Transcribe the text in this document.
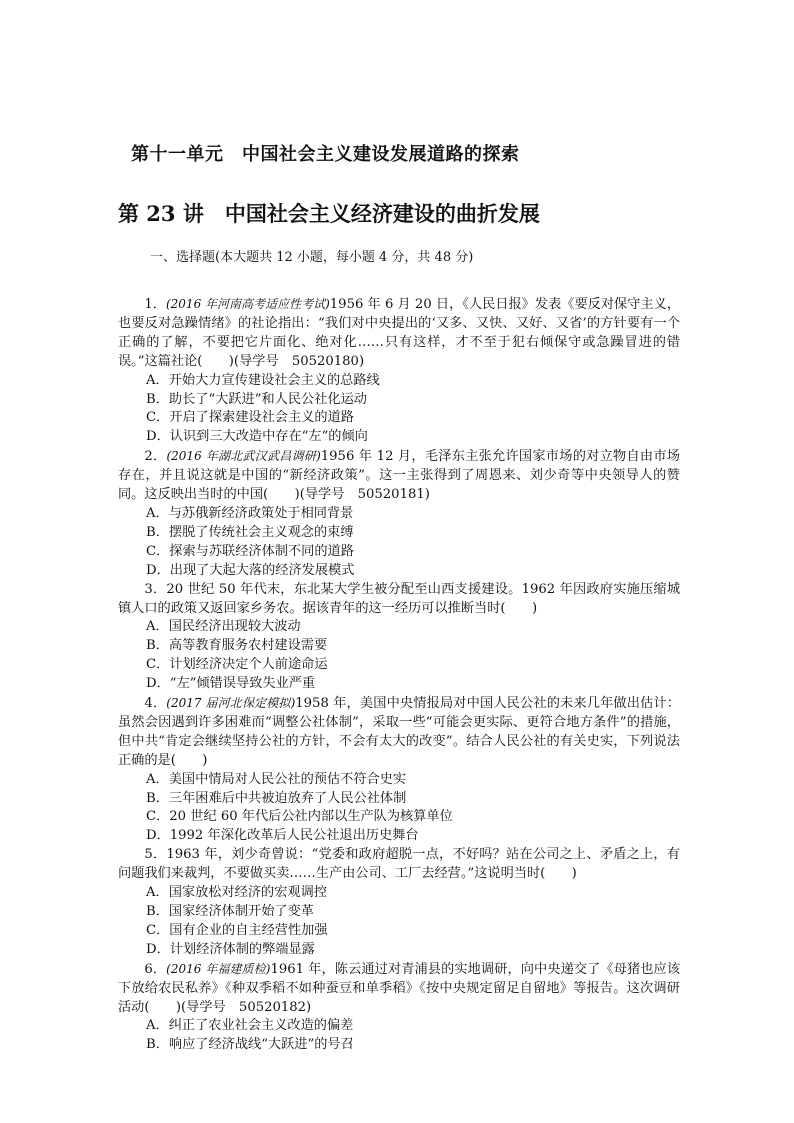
第十一单元　中国社会主义建设发展道路的探索
第 23 讲　中国社会主义经济建设的曲折发展
一、选择题(本大题共 12 小题，每小题 4 分，共 48 分)

1．(2016 年河南高考适应性考试)1956 年 6 月 20 日，《人民日报》发表《要反对保守主义，也要反对急躁情绪》的社论指出：“我们对中央提出的‘又多、又快、又好、又省’的方针要有一个正确的了解，不要把它片面化、绝对化……只有这样，才不至于犯右倾保守或急躁冒进的错误。”这篇社论(　　)(导学号　50520180)

A．开始大力宣传建设社会主义的总路线

B．助长了“大跃进”和人民公社化运动

C．开启了探索建设社会主义的道路

D．认识到三大改造中存在“左”的倾向

2．(2016 年湖北武汉武昌调研)1956 年 12 月，毛泽东主张允许国家市场的对立物自由市场存在，并且说这就是中国的“新经济政策”。这一主张得到了周恩来、刘少奇等中央领导人的赞同。这反映出当时的中国(　　)(导学号　50520181)

A．与苏俄新经济政策处于相同背景

B．摆脱了传统社会主义观念的束缚

C．探索与苏联经济体制不同的道路

D．出现了大起大落的经济发展模式

3．20 世纪 50 年代末，东北某大学生被分配至山西支援建设。1962 年因政府实施压缩城镇人口的政策又返回家乡务农。据该青年的这一经历可以推断当时(　　)

A．国民经济出现较大波动

B．高等教育服务农村建设需要

C．计划经济决定个人前途命运

D．“左”倾错误导致失业严重

4．(2017 届河北保定模拟)1958 年，美国中央情报局对中国人民公社的未来几年做出估计：虽然会因遇到许多困难而“调整公社体制”，采取一些“可能会更实际、更符合地方条件”的措施，但中共“肯定会继续坚持公社的方针，不会有太大的改变”。结合人民公社的有关史实，下列说法正确的是(　　)

A．美国中情局对人民公社的预估不符合史实

B．三年困难后中共被迫放弃了人民公社体制

C．20 世纪 60 年代后公社内部以生产队为核算单位

D．1992 年深化改革后人民公社退出历史舞台

5．1963 年，刘少奇曾说：“党委和政府超脱一点，不好吗？站在公司之上、矛盾之上，有问题我们来裁判，不要做买卖……生产由公司、工厂去经营。”这说明当时(　　)

A．国家放松对经济的宏观调控

B．国家经济体制开始了变革

C．国有企业的自主经营性加强

D．计划经济体制的弊端显露

6．(2016 年福建质检)1961 年，陈云通过对青浦县的实地调研，向中央递交了《母猪也应该下放给农民私养》《种双季稻不如种蚕豆和单季稻》《按中央规定留足自留地》等报告。这次调研活动(　　)(导学号　50520182)

A．纠正了农业社会主义改造的偏差

B．响应了经济战线“大跃进”的号召
